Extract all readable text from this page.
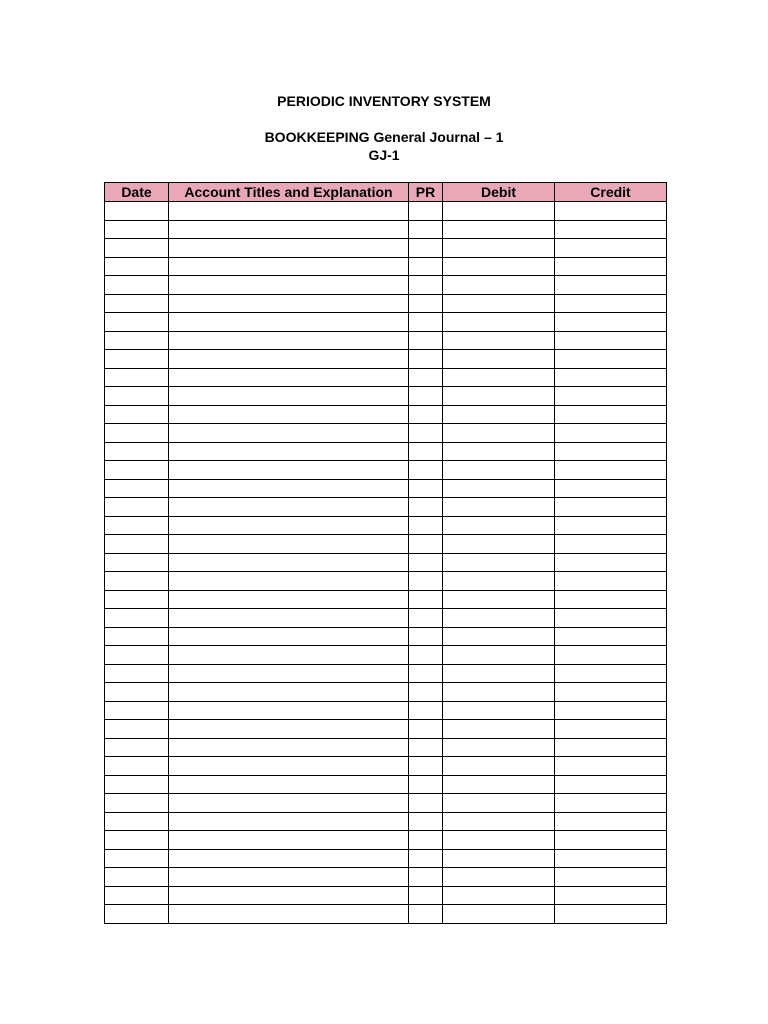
PERIODIC INVENTORY SYSTEM
BOOKKEEPING General Journal – 1
GJ-1
Date	Account Titles and Explanation	PR	Debit	Credit
